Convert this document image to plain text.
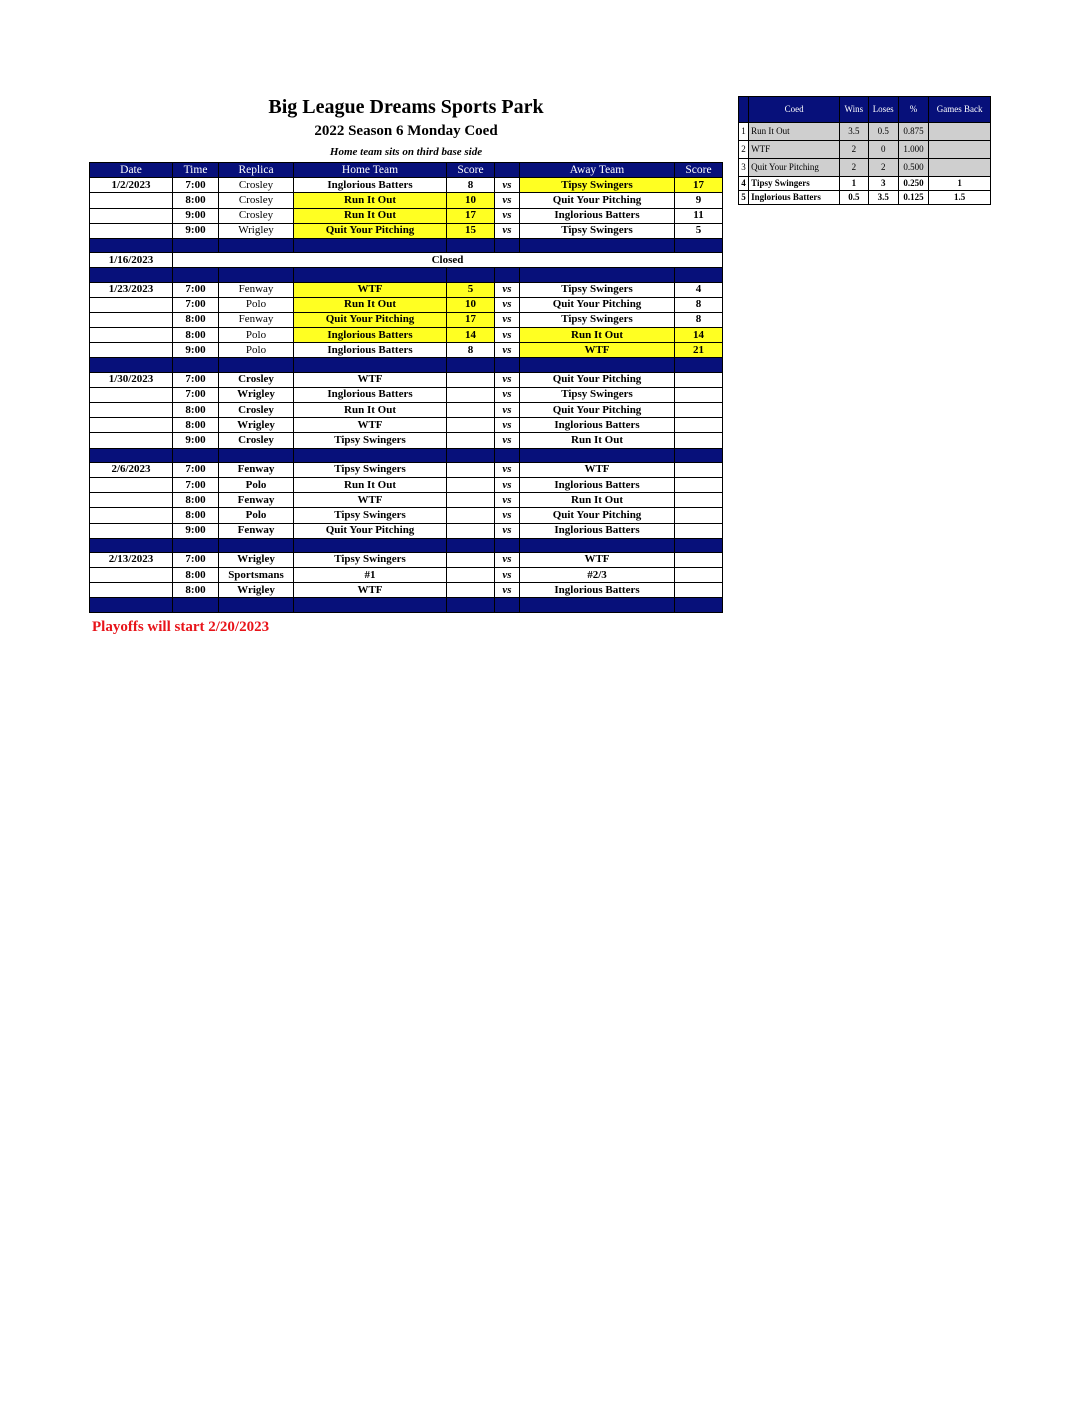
Big League Dreams Sports Park
2022 Season 6 Monday Coed
Home team sits on third base side
Date	Time	Replica	Home Team	Score		Away Team	Score
1/2/2023	7:00	Crosley	Inglorious Batters	8	vs	Tipsy Swingers	17
	8:00	Crosley	Run It Out	10	vs	Quit Your Pitching	9
	9:00	Crosley	Run It Out	17	vs	Inglorious Batters	11
	9:00	Wrigley	Quit Your Pitching	15	vs	Tipsy Swingers	5

1/16/2023	Closed						

1/23/2023	7:00	Fenway	WTF	5	vs	Tipsy Swingers	4
	7:00	Polo	Run It Out	10	vs	Quit Your Pitching	8
	8:00	Fenway	Quit Your Pitching	17	vs	Tipsy Swingers	8
	8:00	Polo	Inglorious Batters	14	vs	Run It Out	14
	9:00	Polo	Inglorious Batters	8	vs	WTF	21

1/30/2023	7:00	Crosley	WTF		vs	Quit Your Pitching	
	7:00	Wrigley	Inglorious Batters		vs	Tipsy Swingers	
	8:00	Crosley	Run It Out		vs	Quit Your Pitching	
	8:00	Wrigley	WTF		vs	Inglorious Batters	
	9:00	Crosley	Tipsy Swingers		vs	Run It Out	

2/6/2023	7:00	Fenway	Tipsy Swingers		vs	WTF	
	7:00	Polo	Run It Out		vs	Inglorious Batters	
	8:00	Fenway	WTF		vs	Run It Out	
	8:00	Polo	Tipsy Swingers		vs	Quit Your Pitching	
	9:00	Fenway	Quit Your Pitching		vs	Inglorious Batters	

2/13/2023	7:00	Wrigley	Tipsy Swingers		vs	WTF	
	8:00	Sportsmans	#1		vs	#2/3	
	8:00	Wrigley	WTF		vs	Inglorious Batters	

	Coed	Wins	Loses	%	Games Back
1	Run It Out	3.5	0.5	0.875	
2	WTF	2	0	1.000	
3	Quit Your Pitching	2	2	0.500	
4	Tipsy Swingers	1	3	0.250	1
5	Inglorious Batters	0.5	3.5	0.125	1.5
Playoffs will start 2/20/2023
